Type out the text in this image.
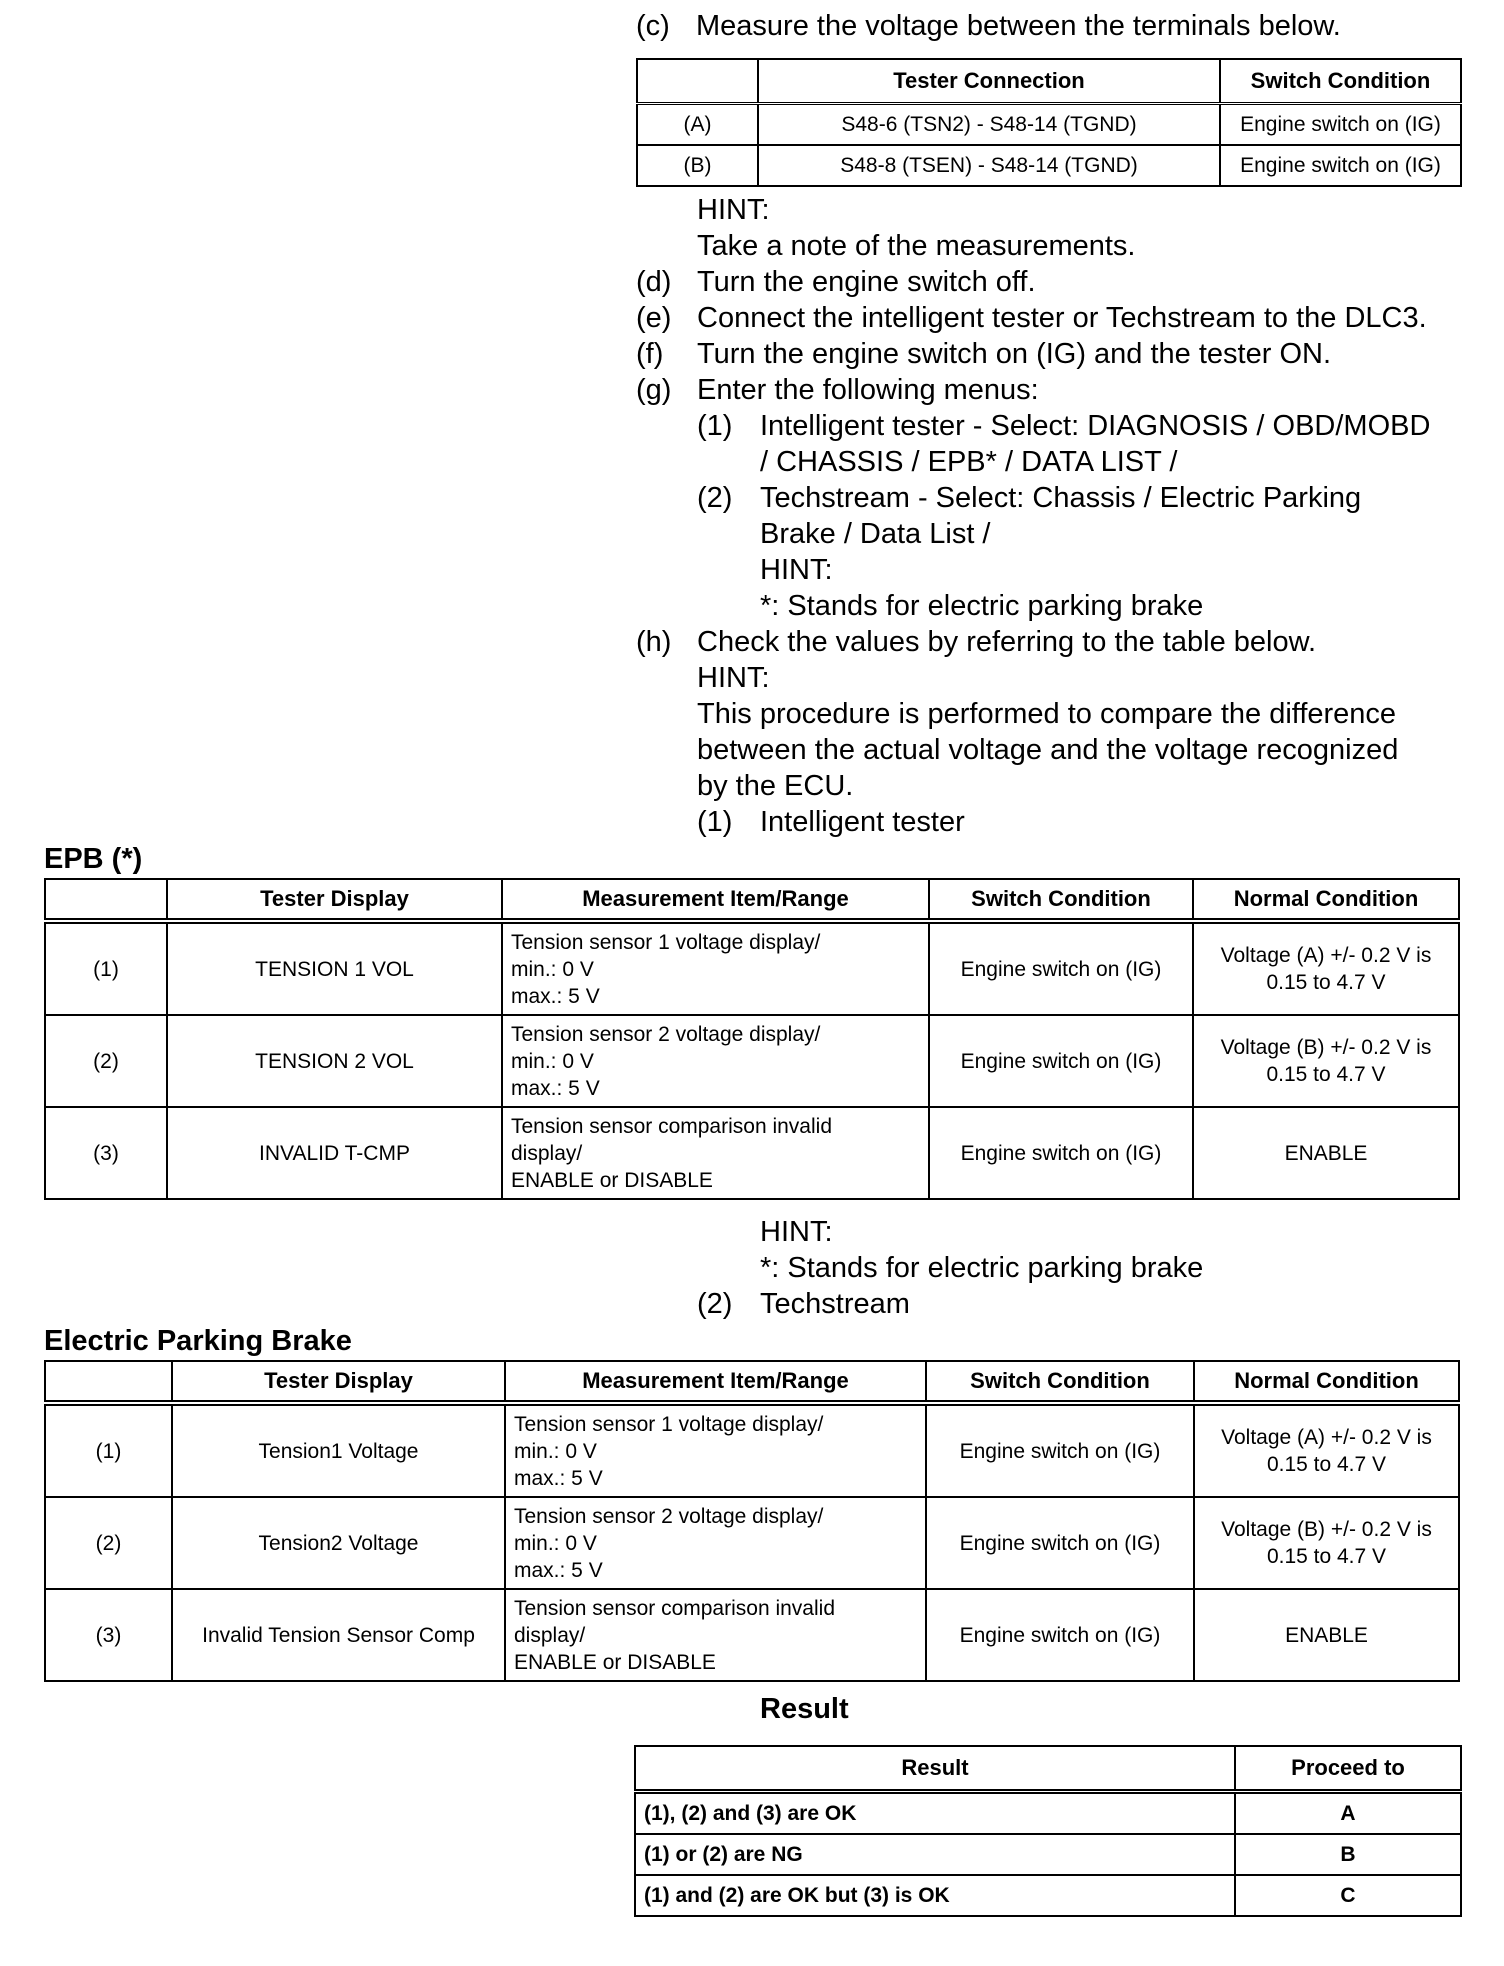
(c) Measure the voltage between the terminals below.
	Tester Connection	Switch Condition
(A)	S48-6 (TSN2) - S48-14 (TGND)	Engine switch on (IG)
(B)	S48-8 (TSEN) - S48-14 (TGND)	Engine switch on (IG)
HINT:
Take a note of the measurements.
(d) Turn the engine switch off.
(e) Connect the intelligent tester or Techstream to the DLC3.
(f) Turn the engine switch on (IG) and the tester ON.
(g) Enter the following menus:
(1) Intelligent tester - Select: DIAGNOSIS / OBD/MOBD
/ CHASSIS / EPB* / DATA LIST /
(2) Techstream - Select: Chassis / Electric Parking
Brake / Data List /
HINT:
*: Stands for electric parking brake
(h) Check the values by referring to the table below.
HINT:
This procedure is performed to compare the difference
between the actual voltage and the voltage recognized
by the ECU.
(1) Intelligent tester
EPB (*)
	Tester Display	Measurement Item/Range	Switch Condition	Normal Condition
(1)	TENSION 1 VOL	Tension sensor 1 voltage display/
min.: 0 V
max.: 5 V	Engine switch on (IG)	Voltage (A) +/- 0.2 V is
0.15 to 4.7 V
(2)	TENSION 2 VOL	Tension sensor 2 voltage display/
min.: 0 V
max.: 5 V	Engine switch on (IG)	Voltage (B) +/- 0.2 V is
0.15 to 4.7 V
(3)	INVALID T-CMP	Tension sensor comparison invalid
display/
ENABLE or DISABLE	Engine switch on (IG)	ENABLE
HINT:
*: Stands for electric parking brake
(2) Techstream
Electric Parking Brake
	Tester Display	Measurement Item/Range	Switch Condition	Normal Condition
(1)	Tension1 Voltage	Tension sensor 1 voltage display/
min.: 0 V
max.: 5 V	Engine switch on (IG)	Voltage (A) +/- 0.2 V is
0.15 to 4.7 V
(2)	Tension2 Voltage	Tension sensor 2 voltage display/
min.: 0 V
max.: 5 V	Engine switch on (IG)	Voltage (B) +/- 0.2 V is
0.15 to 4.7 V
(3)	Invalid Tension Sensor Comp	Tension sensor comparison invalid
display/
ENABLE or DISABLE	Engine switch on (IG)	ENABLE
Result
Result	Proceed to
(1), (2) and (3) are OK	A
(1) or (2) are NG	B
(1) and (2) are OK but (3) is OK	C
